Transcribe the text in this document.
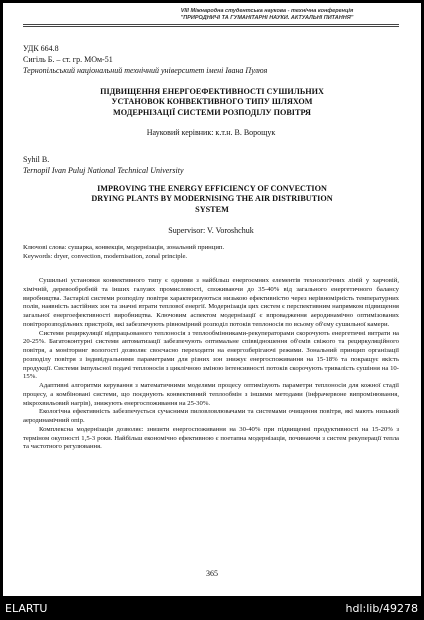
VIII Міжнародна студентська наукова - технічна конференція
"ПРИРОДНИЧІ ТА ГУМАНІТАРНІ НАУКИ. АКТУАЛЬНІ ПИТАННЯ"
УДК 664.8
Сигіль Б. – ст. гр. МОм-51
Тернопільський національний технічний університет імені Івана Пулюя
ПІДВИЩЕННЯ ЕНЕРГОЕФЕКТИВНОСТІ СУШИЛЬНИХ
УСТАНОВОК КОНВЕКТИВНОГО ТИПУ ШЛЯХОМ
МОДЕРНІЗАЦІЇ СИСТЕМИ РОЗПОДІЛУ ПОВІТРЯ
Науковий керівник: к.т.н. В. Ворощук
Syhil B.
Ternopil Ivan Puluj National Technical University
IMPROVING THE ENERGY EFFICIENCY OF CONVECTION
DRYING PLANTS BY MODERNISING THE AIR DISTRIBUTION
SYSTEM
Supervisor: V. Voroshchuk
Ключові слова: сушарка, конвекція, модернізація, зональний принцип.
Keywords: dryer, convection, modernisation, zonal principle.

Сушильні установки конвективного типу є одними з найбільш енергоємних елементів технологічних ліній у харчовій, хімічній, деревообробній та інших галузях промисловості, споживаючи до 35-40% від загального енергетичного балансу виробництва. Застарілі системи розподілу повітря характеризуються низькою ефективністю через нерівномірність температурних полів, наявність застійних зон та значні втрати теплової енергії. Модернізація цих систем є перспективним напрямком підвищення загальної енергоефективності виробництва. Ключовим аспектом модернізації є впровадження аеродинамічно оптимізованих повітророзподільних пристроїв, які забезпечують рівномірний розподіл потоків теплоносія по всьому об'єму сушильної камери.

Системи рециркуляції відпрацьованого теплоносія з теплообмінниками-рекуператорами скорочують енергетичні витрати на 20-25%. Багатоконтурні системи автоматизації забезпечують оптимальне співвідношення об'ємів свіжого та рециркуляційного повітря, а моніторинг вологості дозволяє своєчасно переходити на енергозберігаючі режими. Зональний принцип організації розподілу повітря з індивідуальними параметрами для різних зон знижує енергоспоживання на 15-18% та покращує якість продукції. Системи імпульсної подачі теплоносія з циклічною зміною інтенсивності потоків скорочують тривалість сушіння на 10-15%.

Адаптивні алгоритми керування з математичними моделями процесу оптимізують параметри теплоносія для кожної стадії процесу, а комбіновані системи, що поєднують конвективний теплообмін з іншими методами (інфрачервоне випромінювання, мікрохвильовий нагрів), знижують енергоспоживання на 25-30%.

Екологічна ефективність забезпечується сучасними пиловловлювачами та системами очищення повітря, які мають низький аеродинамічний опір.

Комплексна модернізація дозволяє: знизити енергоспоживання на 30-40% при підвищенні продуктивності на 15-20% з терміном окупності 1,5-3 роки. Найбільш економічно ефективною є поетапна модернізація, починаючи з систем рекуперації тепла та частотного регулювання.

365
ELARTU	hdl:lib/49278
